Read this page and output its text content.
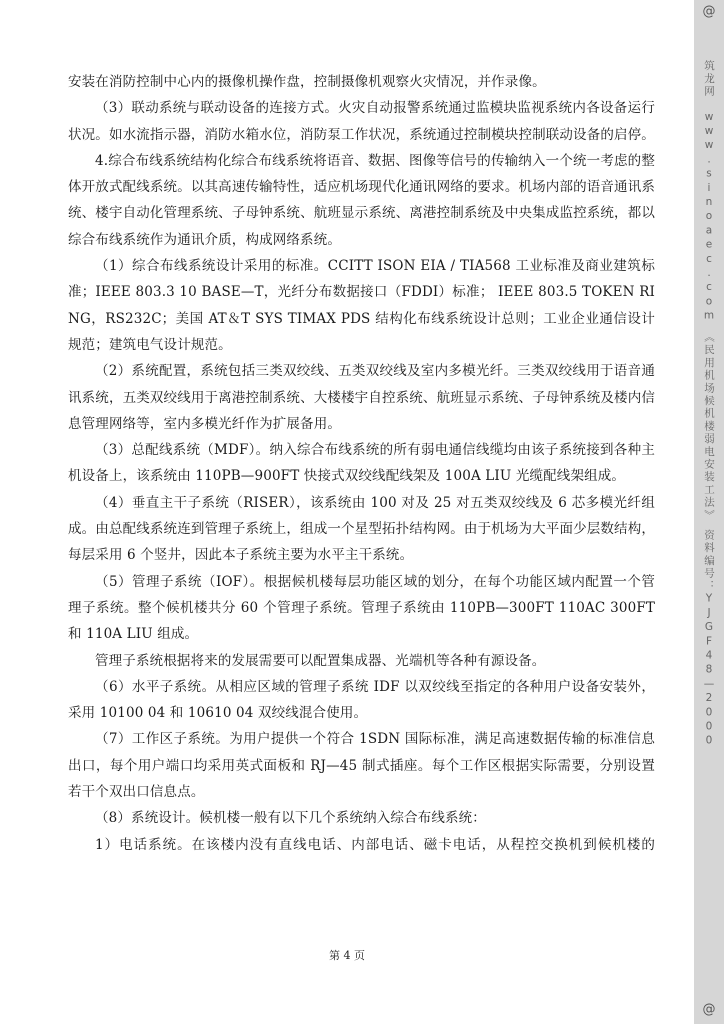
安装在消防控制中心内的摄像机操作盘，控制摄像机观察火灾情况，并作录像。

（3）联动系统与联动设备的连接方式。火灾自动报警系统通过监模块监视系统内各设备运行状况。如水流指示器，消防水箱水位，消防泵工作状况，系统通过控制模块控制联动设备的启停。

4.综合布线系统结构化综合布线系统将语音、数据、图像等信号的传输纳入一个统一考虑的整体开放式配线系统。以其高速传输特性，适应机场现代化通讯网络的要求。机场内部的语音通讯系统、楼宇自动化管理系统、子母钟系统、航班显示系统、离港控制系统及中央集成监控系统，都以综合布线系统作为通讯介质，构成网络系统。

（1）综合布线系统设计采用的标准。CCITT ISON EIA / TIA568 工业标准及商业建筑标准；IEEE 803.3 10 BASE—T，光纤分布数据接口（FDDI）标准； IEEE 803.5 TOKEN RING，RS232C；美国 AT＆T SYS TIMAX PDS 结构化布线系统设计总则；工业企业通信设计规范；建筑电气设计规范。

（2）系统配置，系统包括三类双绞线、五类双绞线及室内多模光纤。三类双绞线用于语音通讯系统，五类双绞线用于离港控制系统、大楼楼宇自控系统、航班显示系统、子母钟系统及楼内信息管理网络等，室内多模光纤作为扩展备用。

（3）总配线系统（MDF）。纳入综合布线系统的所有弱电通信线缆均由该子系统接到各种主机设备上，该系统由 110PB—900FT 快接式双绞线配线架及 100A LIU 光缆配线架组成。

（4）垂直主干子系统（RISER），该系统由 100 对及 25 对五类双绞线及 6 芯多模光纤组成。由总配线系统连到管理子系统上，组成一个星型拓扑结构网。由于机场为大平面少层数结构，每层采用 6 个竖井，因此本子系统主要为水平主干系统。

（5）管理子系统（IOF）。根据候机楼每层功能区域的划分，在每个功能区域内配置一个管理子系统。整个候机楼共分 60 个管理子系统。管理子系统由 110PB—300FT 110AC 300FT 和 110A LIU 组成。

管理子系统根据将来的发展需要可以配置集成器、光端机等各种有源设备。

（6）水平子系统。从相应区域的管理子系统 IDF 以双绞线至指定的各种用户设备安装外，采用 10100 04 和 10610 04 双绞线混合使用。

（7）工作区子系统。为用户提供一个符合 1SDN 国际标准，满足高速数据传输的标准信息出口，每个用户端口均采用英式面板和 RJ—45 制式插座。每个工作区根据实际需要，分别设置若干个双出口信息点。

（8）系统设计。候机楼一般有以下几个系统纳入综合布线系统：

1）电话系统。在该楼内没有直线电话、内部电话、磁卡电话，从程控交换机到候机楼的

第 4 页
@
筑龙网　www.sinoaec.com　《民用机场候机楼弱电安装工法》　资料编号：YJGF48—2000
@
